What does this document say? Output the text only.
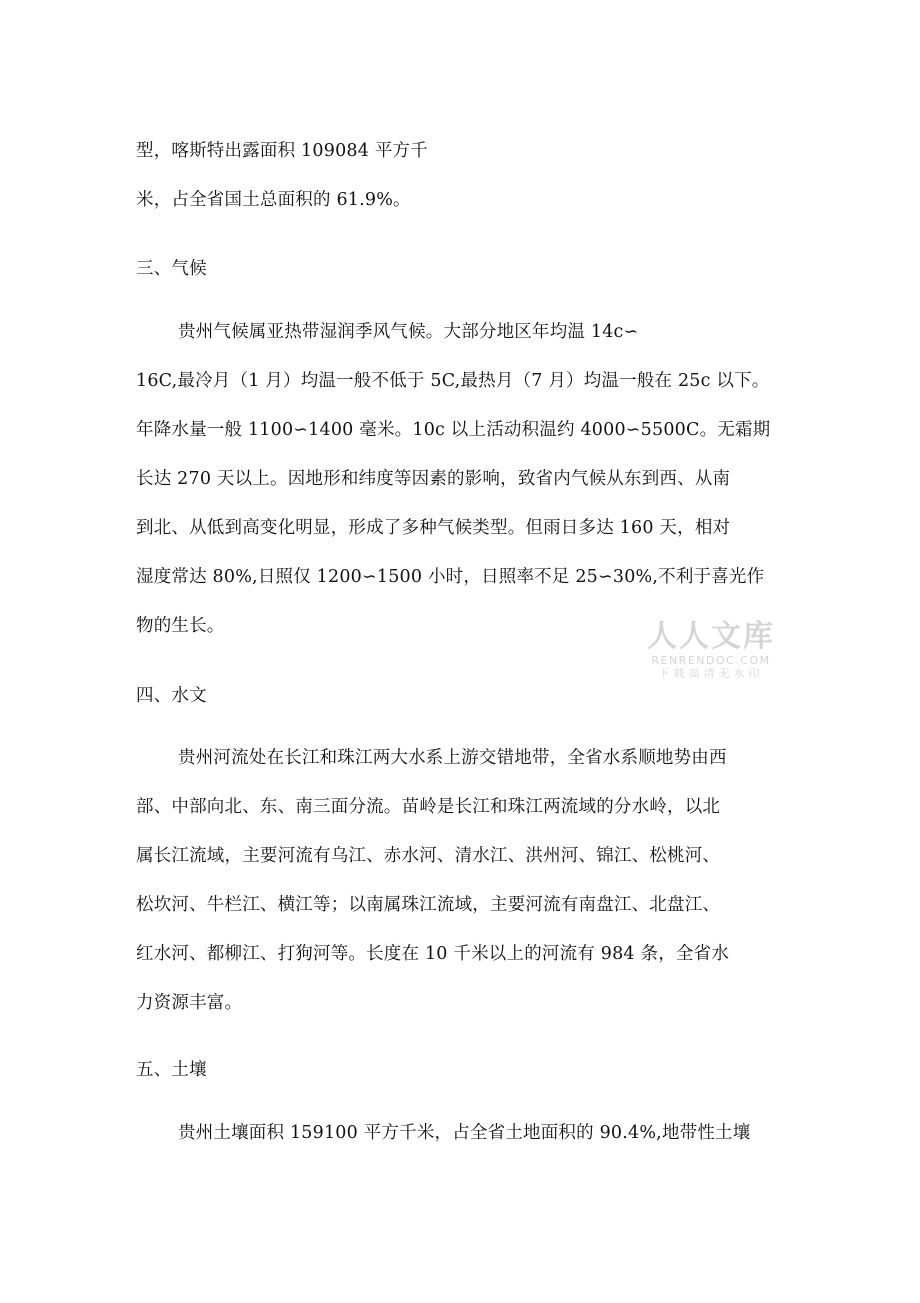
型，喀斯特出露面积 109084 平方千
米，占全省国土总面积的 61.9%。
三、气候
贵州气候属亚热带湿润季风气候。大部分地区年均温 14c∽
16C,最冷月（1 月）均温一般不低于 5C,最热月（7 月）均温一般在 25c 以下。
年降水量一般 1100∽1400 毫米。10c 以上活动积温约 4000∽5500C。无霜期
长达 270 天以上。因地形和纬度等因素的影响，致省内气候从东到西、从南
到北、从低到高变化明显，形成了多种气候类型。但雨日多达 160 天，相对
湿度常达 80%,日照仅 1200∽1500 小时，日照率不足 25∽30%,不利于喜光作
物的生长。
四、水文
贵州河流处在长江和珠江两大水系上游交错地带，全省水系顺地势由西
部、中部向北、东、南三面分流。苗岭是长江和珠江两流域的分水岭，以北
属长江流域，主要河流有乌江、赤水河、清水江、洪州河、锦江、松桃河、
松坎河、牛栏江、横江等；以南属珠江流域，主要河流有南盘江、北盘江、
红水河、都柳江、打狗河等。长度在 10 千米以上的河流有 984 条，全省水
力资源丰富。
五、土壤
贵州土壤面积 159100 平方千米，占全省土地面积的 90.4%,地带性土壤
人人文库
RENRENDOC.COM
下载高清无水印
